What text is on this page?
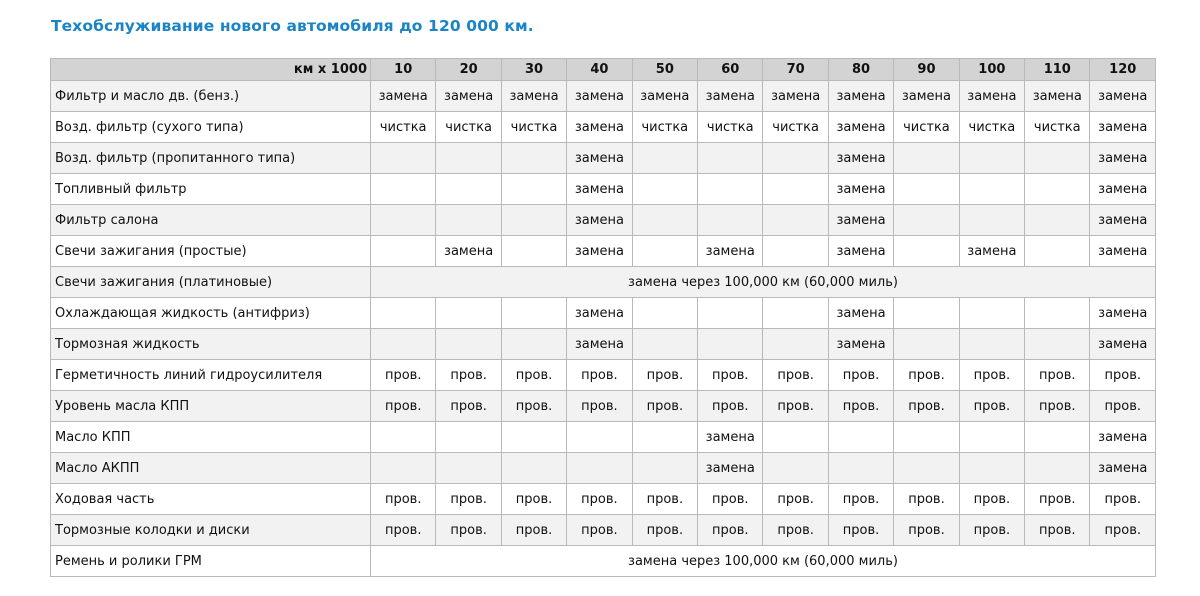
Техобслуживание нового автомобиля до 120 000 км.
км х 1000	10	20	30	40	50	60	70	80	90	100	110	120
Фильтр и масло дв. (бенз.)	замена	замена	замена	замена	замена	замена	замена	замена	замена	замена	замена	замена
Возд. фильтр (сухого типа)	чистка	чистка	чистка	замена	чистка	чистка	чистка	замена	чистка	чистка	чистка	замена
Возд. фильтр (пропитанного типа)				замена				замена				замена
Топливный фильтр				замена				замена				замена
Фильтр салона				замена				замена				замена
Свечи зажигания (простые)		замена		замена		замена		замена		замена		замена
Свечи зажигания (платиновые)	замена через 100,000 км (60,000 миль)											
Охлаждающая жидкость (антифриз)				замена				замена				замена
Тормозная жидкость				замена				замена				замена
Герметичность линий гидроусилителя	пров.	пров.	пров.	пров.	пров.	пров.	пров.	пров.	пров.	пров.	пров.	пров.
Уровень масла КПП	пров.	пров.	пров.	пров.	пров.	пров.	пров.	пров.	пров.	пров.	пров.	пров.
Масло КПП						замена						замена
Масло АКПП						замена						замена
Ходовая часть	пров.	пров.	пров.	пров.	пров.	пров.	пров.	пров.	пров.	пров.	пров.	пров.
Тормозные колодки и диски	пров.	пров.	пров.	пров.	пров.	пров.	пров.	пров.	пров.	пров.	пров.	пров.
Ремень и ролики ГРМ	замена через 100,000 км (60,000 миль)											
